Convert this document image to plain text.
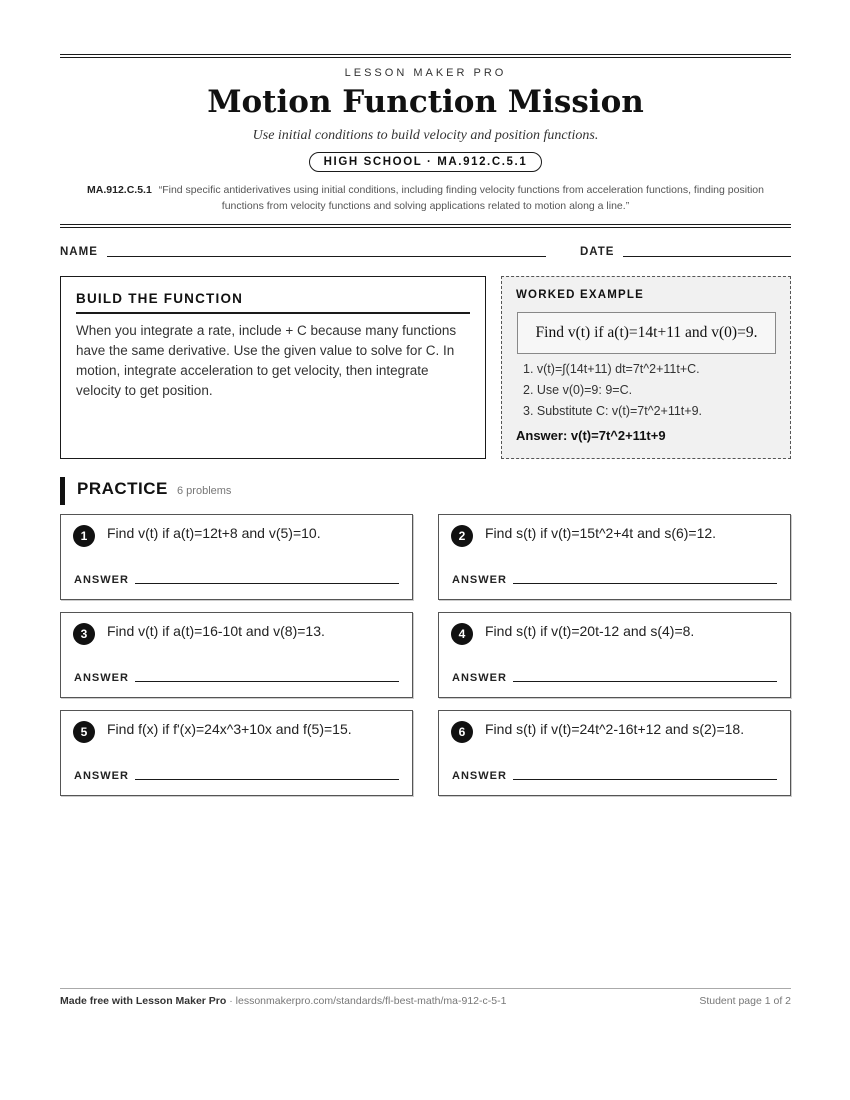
LESSON MAKER PRO
Motion Function Mission
Use initial conditions to build velocity and position functions.
HIGH SCHOOL · MA.912.C.5.1
MA.912.C.5.1 “Find specific antiderivatives using initial conditions, including finding velocity functions from acceleration functions, finding position functions from velocity functions and solving applications related to motion along a line.”
NAME	DATE
BUILD THE FUNCTION
When you integrate a rate, include + C because many functions have the same derivative. Use the given value to solve for C. In motion, integrate acceleration to get velocity, then integrate velocity to get position.
WORKED EXAMPLE
Find v(t) if a(t)=14t+11 and v(0)=9.
1. v(t)=∫(14t+11) dt=7t^2+11t+C.
2. Use v(0)=9: 9=C.
3. Substitute C: v(t)=7t^2+11t+9.
Answer: v(t)=7t^2+11t+9
PRACTICE 6 problems
1	Find v(t) if a(t)=12t+8 and v(5)=10.
ANSWER
2	Find s(t) if v(t)=15t^2+4t and s(6)=12.
ANSWER
3	Find v(t) if a(t)=16-10t and v(8)=13.
ANSWER
4	Find s(t) if v(t)=20t-12 and s(4)=8.
ANSWER
5	Find f(x) if f'(x)=24x^3+10x and f(5)=15.
ANSWER
6	Find s(t) if v(t)=24t^2-16t+12 and s(2)=18.
ANSWER
Made free with Lesson Maker Pro · lessonmakerpro.com/standards/fl-best-math/ma-912-c-5-1	Student page 1 of 2
